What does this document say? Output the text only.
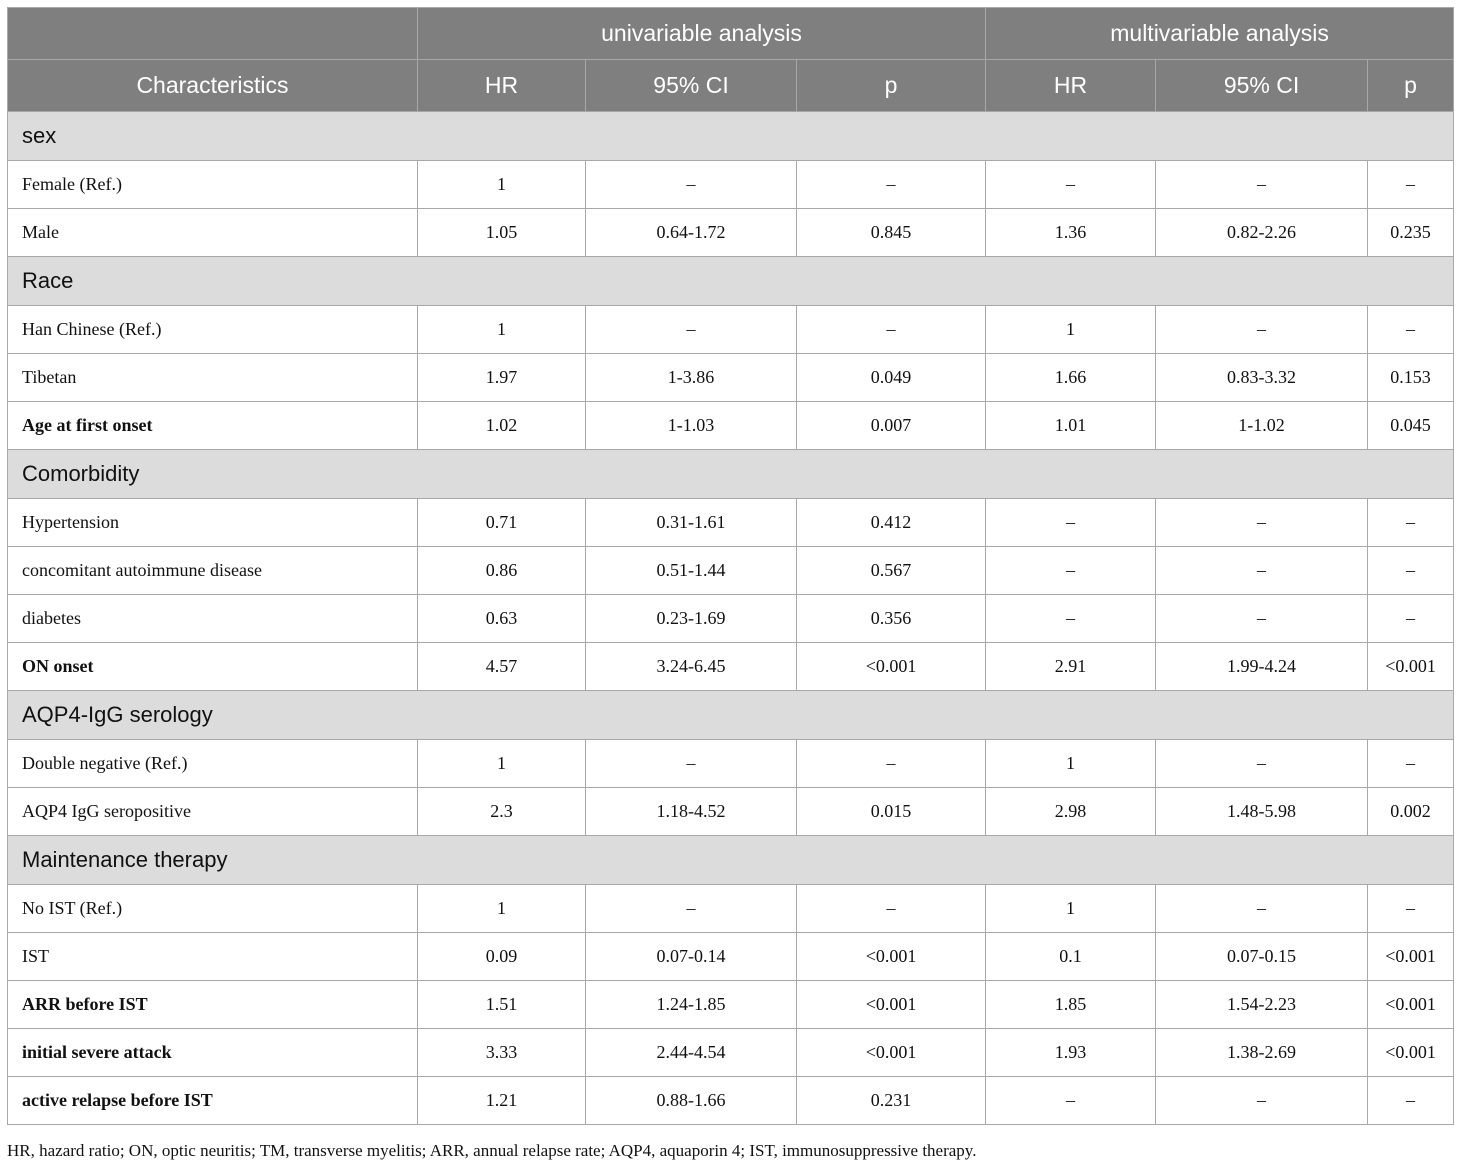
	univariable analysis			multivariable analysis		
Characteristics	HR	95% CI	p	HR	95% CI	p
sex						
Female (Ref.)	1	–	–	–	–	–
Male	1.05	0.64-1.72	0.845	1.36	0.82-2.26	0.235
Race						
Han Chinese (Ref.)	1	–	–	1	–	–
Tibetan	1.97	1-3.86	0.049	1.66	0.83-3.32	0.153
Age at first onset	1.02	1-1.03	0.007	1.01	1-1.02	0.045
Comorbidity						
Hypertension	0.71	0.31-1.61	0.412	–	–	–
concomitant autoimmune disease	0.86	0.51-1.44	0.567	–	–	–
diabetes	0.63	0.23-1.69	0.356	–	–	–
ON onset	4.57	3.24-6.45	<0.001	2.91	1.99-4.24	<0.001
AQP4-IgG serology						
Double negative (Ref.)	1	–	–	1	–	–
AQP4 IgG seropositive	2.3	1.18-4.52	0.015	2.98	1.48-5.98	0.002
Maintenance therapy						
No IST (Ref.)	1	–	–	1	–	–
IST	0.09	0.07-0.14	<0.001	0.1	0.07-0.15	<0.001
ARR before IST	1.51	1.24-1.85	<0.001	1.85	1.54-2.23	<0.001
initial severe attack	3.33	2.44-4.54	<0.001	1.93	1.38-2.69	<0.001
active relapse before IST	1.21	0.88-1.66	0.231	–	–	–
HR, hazard ratio; ON, optic neuritis; TM, transverse myelitis; ARR, annual relapse rate; AQP4, aquaporin 4; IST, immunosuppressive therapy.
